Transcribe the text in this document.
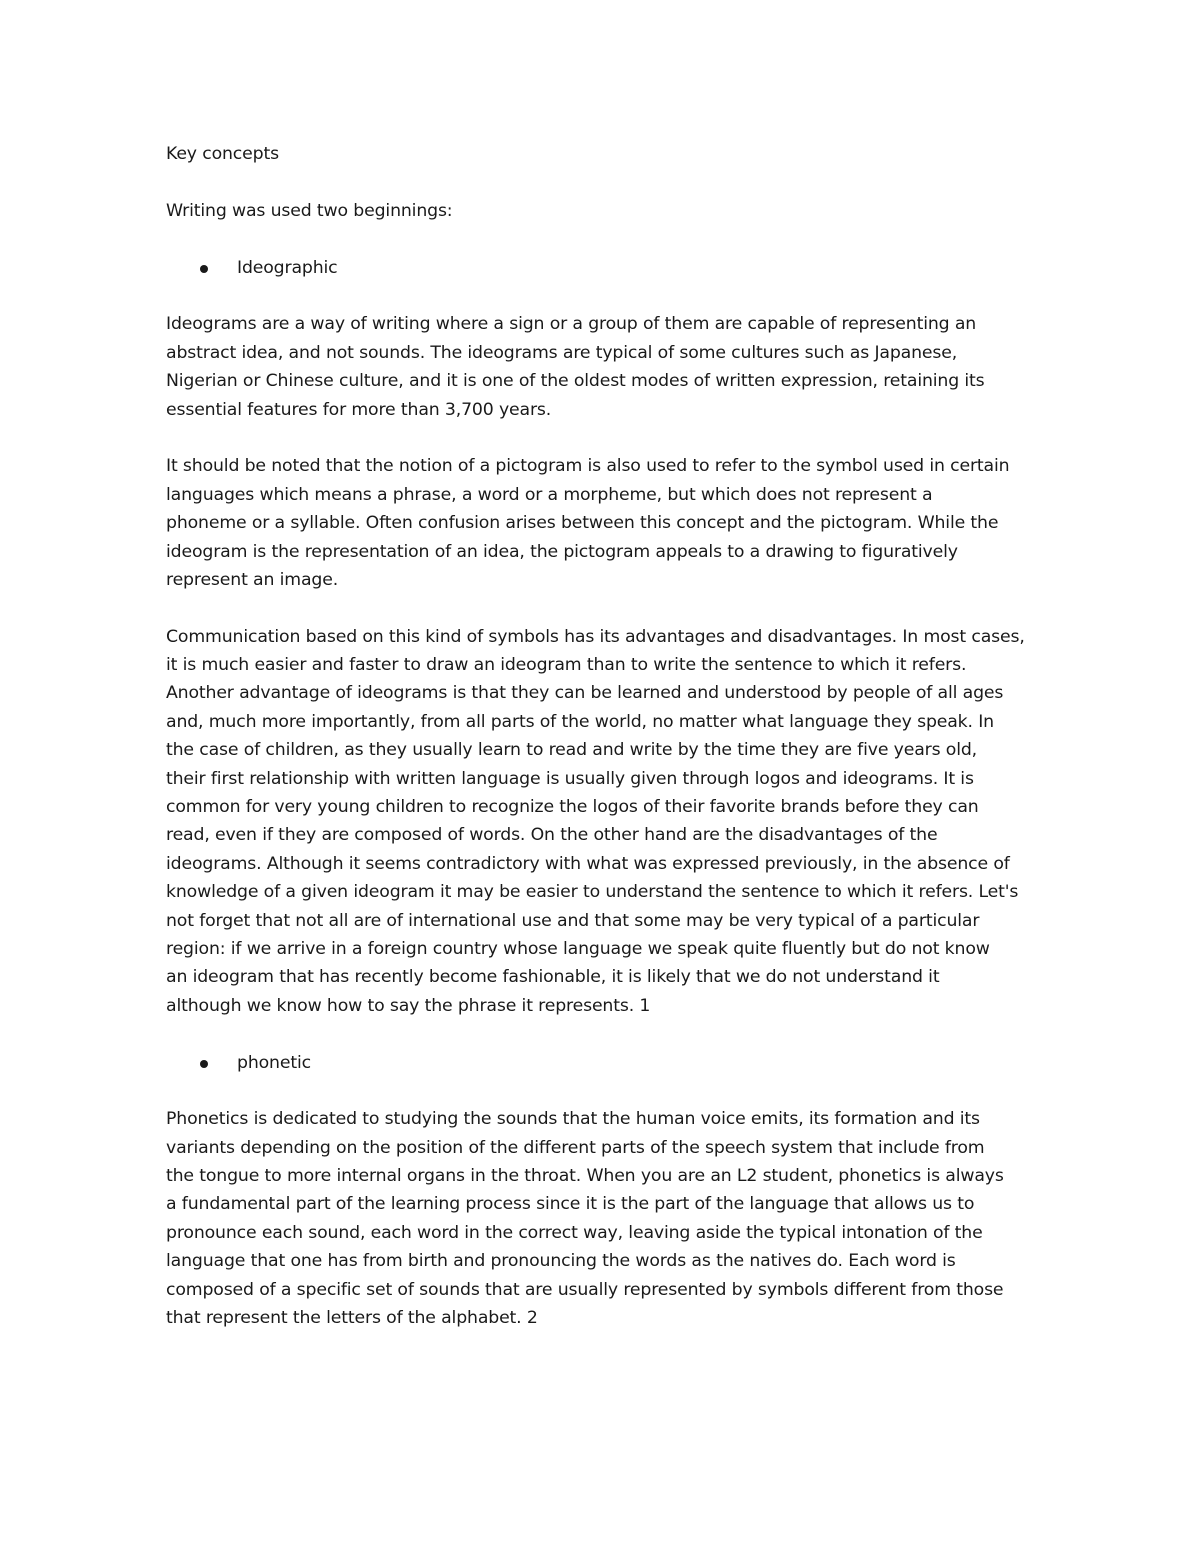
Key concepts
Writing was used two beginnings:
Ideographic
Ideograms are a way of writing where a sign or a group of them are capable of representing an
abstract idea, and not sounds. The ideograms are typical of some cultures such as Japanese,
Nigerian or Chinese culture, and it is one of the oldest modes of written expression, retaining its
essential features for more than 3,700 years.
It should be noted that the notion of a pictogram is also used to refer to the symbol used in certain
languages which means a phrase, a word or a morpheme, but which does not represent a
phoneme or a syllable. Often confusion arises between this concept and the pictogram. While the
ideogram is the representation of an idea, the pictogram appeals to a drawing to figuratively
represent an image.
Communication based on this kind of symbols has its advantages and disadvantages. In most cases,
it is much easier and faster to draw an ideogram than to write the sentence to which it refers.
Another advantage of ideograms is that they can be learned and understood by people of all ages
and, much more importantly, from all parts of the world, no matter what language they speak. In
the case of children, as they usually learn to read and write by the time they are five years old,
their first relationship with written language is usually given through logos and ideograms. It is
common for very young children to recognize the logos of their favorite brands before they can
read, even if they are composed of words. On the other hand are the disadvantages of the
ideograms. Although it seems contradictory with what was expressed previously, in the absence of
knowledge of a given ideogram it may be easier to understand the sentence to which it refers. Let's
not forget that not all are of international use and that some may be very typical of a particular
region: if we arrive in a foreign country whose language we speak quite fluently but do not know
an ideogram that has recently become fashionable, it is likely that we do not understand it
although we know how to say the phrase it represents. 1
phonetic
Phonetics is dedicated to studying the sounds that the human voice emits, its formation and its
variants depending on the position of the different parts of the speech system that include from
the tongue to more internal organs in the throat. When you are an L2 student, phonetics is always
a fundamental part of the learning process since it is the part of the language that allows us to
pronounce each sound, each word in the correct way, leaving aside the typical intonation of the
language that one has from birth and pronouncing the words as the natives do. Each word is
composed of a specific set of sounds that are usually represented by symbols different from those
that represent the letters of the alphabet. 2
